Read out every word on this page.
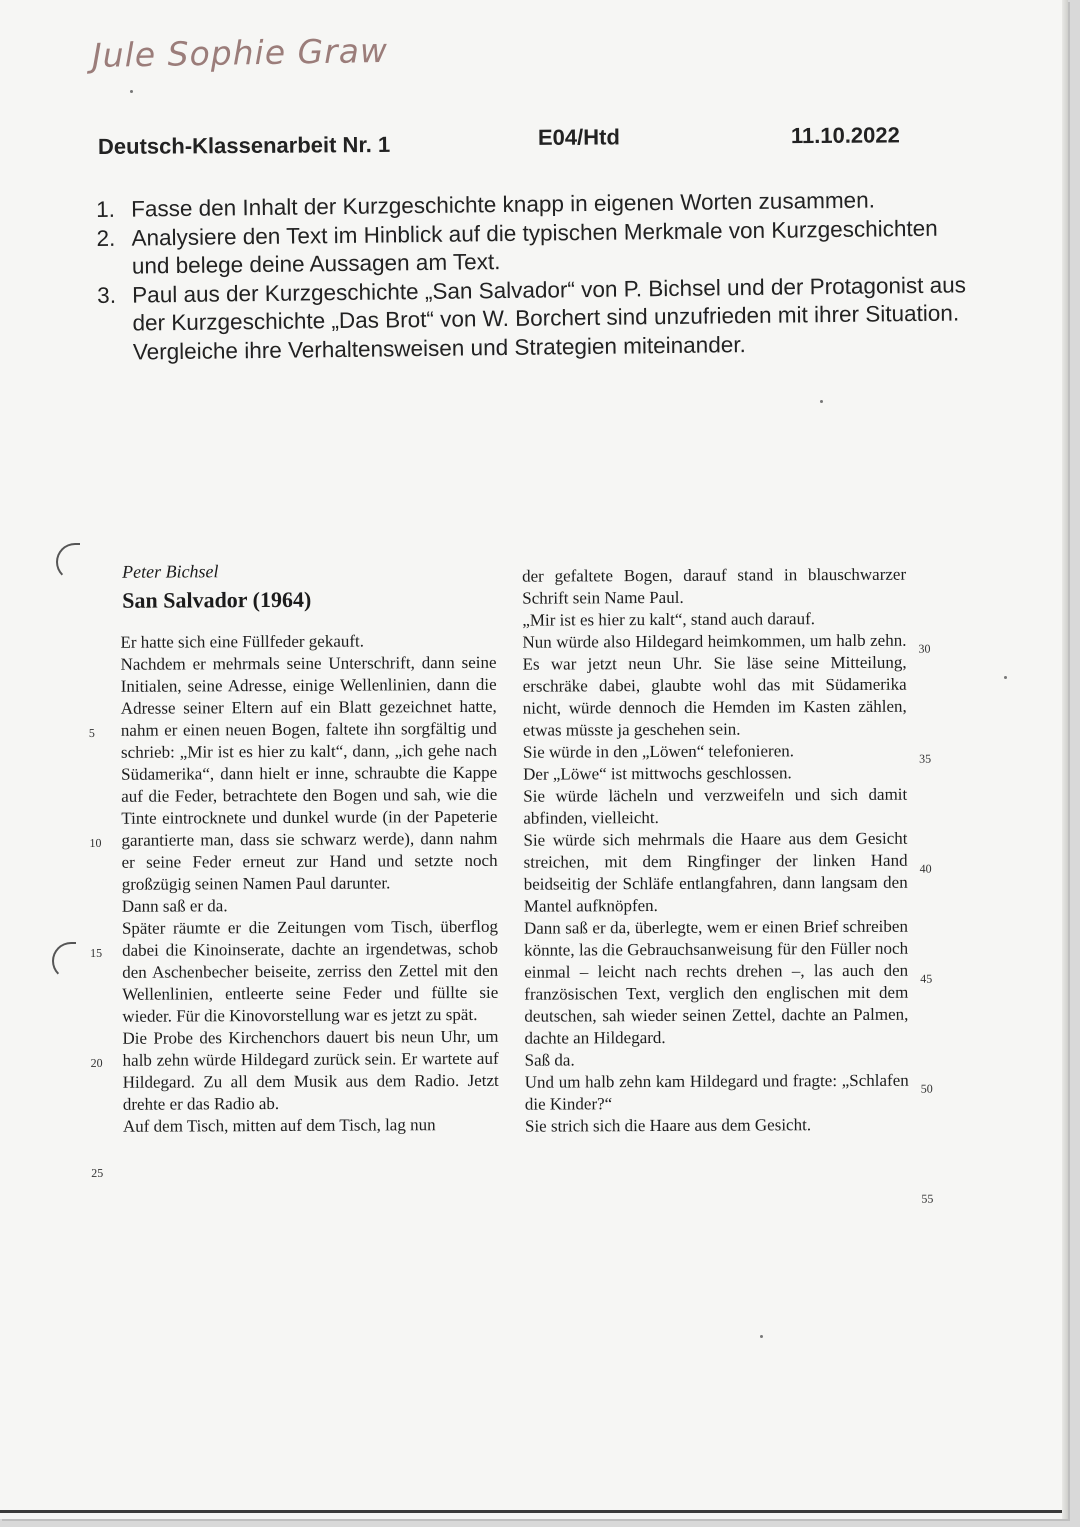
Jule Sophie Graw
Deutsch-Klassenarbeit Nr. 1	E04/Htd	11.10.2022
1. Fasse den Inhalt der Kurzgeschichte knapp in eigenen Worten zusammen.
2. Analysiere den Text im Hinblick auf die typischen Merkmale von Kurzgeschichten und belege deine Aussagen am Text.
3. Paul aus der Kurzgeschichte „San Salvador“ von P. Bichsel und der Protagonist aus der Kurzgeschichte „Das Brot“ von W. Borchert sind unzufrieden mit ihrer Situation. Vergleiche ihre Verhaltensweisen und Strategien miteinander.
Peter Bichsel
San Salvador (1964)

Er hatte sich eine Füllfeder gekauft.

Nachdem er mehrmals seine Unterschrift, dann seine Initialen, seine Adresse, einige Wellenlinien, dann die Adresse seiner Eltern auf ein Blatt gezeichnet hatte, nahm er einen neuen Bogen, faltete ihn sorgfältig und schrieb: „Mir ist es hier zu kalt“, dann, „ich gehe nach Südamerika“, dann hielt er inne, schraubte die Kappe auf die Feder, betrachtete den Bogen und sah, wie die Tinte eintrocknete und dunkel wurde (in der Papeterie garantierte man, dass sie schwarz werde), dann nahm er seine Feder erneut zur Hand und setzte noch großzügig seinen Namen Paul darunter.

Dann saß er da.

Später räumte er die Zeitungen vom Tisch, überflog dabei die Kinoinserate, dachte an irgendetwas, schob den Aschenbecher beiseite, zerriss den Zettel mit den Wellenlinien, entleerte seine Feder und füllte sie wieder. Für die Kinovorstellung war es jetzt zu spät.

Die Probe des Kirchenchors dauert bis neun Uhr, um halb zehn würde Hildegard zurück sein. Er wartete auf Hildegard. Zu all dem Musik aus dem Radio. Jetzt drehte er das Radio ab.

Auf dem Tisch, mitten auf dem Tisch, lag nun

der gefaltete Bogen, darauf stand in blauschwarzer Schrift sein Name Paul.

„Mir ist es hier zu kalt“, stand auch darauf.

Nun würde also Hildegard heimkommen, um halb zehn. Es war jetzt neun Uhr. Sie läse seine Mitteilung, erschräke dabei, glaubte wohl das mit Südamerika nicht, würde dennoch die Hemden im Kasten zählen, etwas müsste ja geschehen sein.

Sie würde in den „Löwen“ telefonieren.

Der „Löwe“ ist mittwochs geschlossen.

Sie würde lächeln und verzweifeln und sich damit abfinden, vielleicht.

Sie würde sich mehrmals die Haare aus dem Gesicht streichen, mit dem Ringfinger der linken Hand beidseitig der Schläfe entlangfahren, dann langsam den Mantel aufknöpfen.

Dann saß er da, überlegte, wem er einen Brief schreiben könnte, las die Gebrauchsanweisung für den Füller noch einmal – leicht nach rechts drehen –, las auch den französischen Text, verglich den englischen mit dem deutschen, sah wieder seinen Zettel, dachte an Palmen, dachte an Hildegard.

Saß da.

Und um halb zehn kam Hildegard und fragte: „Schlafen die Kinder?“

Sie strich sich die Haare aus dem Gesicht.

5
10
15
20
25
30
35
40
45
50
55
